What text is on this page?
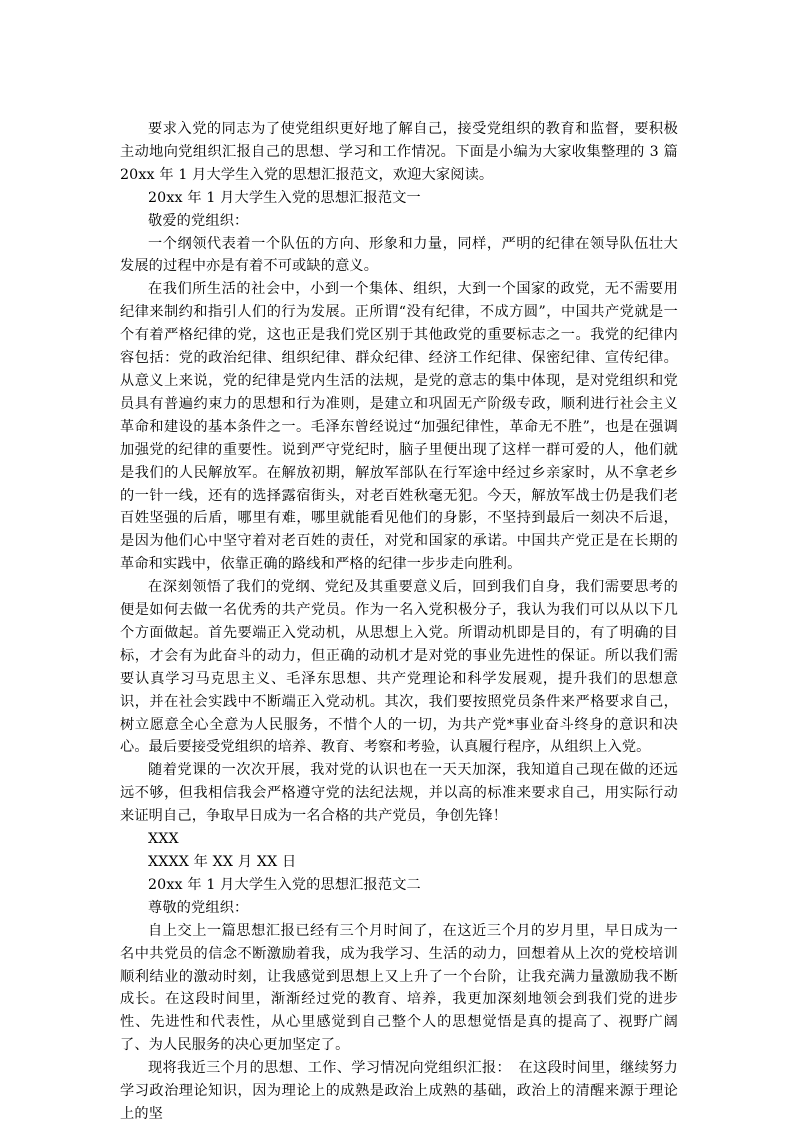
要求入党的同志为了使党组织更好地了解自己，接受党组织的教育和监督，要积极主动地向党组织汇报自己的思想、学习和工作情况。下面是小编为大家收集整理的 3 篇 20xx 年 1 月大学生入党的思想汇报范文，欢迎大家阅读。

20xx 年 1 月大学生入党的思想汇报范文一

敬爱的党组织：

一个纲领代表着一个队伍的方向、形象和力量，同样，严明的纪律在领导队伍壮大发展的过程中亦是有着不可或缺的意义。

在我们所生活的社会中，小到一个集体、组织，大到一个国家的政党，无不需要用纪律来制约和指引人们的行为发展。正所谓“没有纪律，不成方圆”，中国共产党就是一个有着严格纪律的党，这也正是我们党区别于其他政党的重要标志之一。我党的纪律内容包括：党的政治纪律、组织纪律、群众纪律、经济工作纪律、保密纪律、宣传纪律。从意义上来说，党的纪律是党内生活的法规，是党的意志的集中体现，是对党组织和党员具有普遍约束力的思想和行为准则，是建立和巩固无产阶级专政，顺利进行社会主义革命和建设的基本条件之一。毛泽东曾经说过“加强纪律性，革命无不胜”，也是在强调加强党的纪律的重要性。说到严守党纪时，脑子里便出现了这样一群可爱的人，他们就是我们的人民解放军。在解放初期，解放军部队在行军途中经过乡亲家时，从不拿老乡的一针一线，还有的选择露宿街头，对老百姓秋毫无犯。今天，解放军战士仍是我们老百姓坚强的后盾，哪里有难，哪里就能看见他们的身影，不坚持到最后一刻决不后退，是因为他们心中坚守着对老百姓的责任，对党和国家的承诺。中国共产党正是在长期的革命和实践中，依靠正确的路线和严格的纪律一步步走向胜利。

在深刻领悟了我们的党纲、党纪及其重要意义后，回到我们自身，我们需要思考的便是如何去做一名优秀的共产党员。作为一名入党积极分子，我认为我们可以从以下几个方面做起。首先要端正入党动机，从思想上入党。所谓动机即是目的，有了明确的目标，才会有为此奋斗的动力，但正确的动机才是对党的事业先进性的保证。所以我们需要认真学习马克思主义、毛泽东思想、共产党理论和科学发展观，提升我们的思想意识，并在社会实践中不断端正入党动机。其次，我们要按照党员条件来严格要求自己，树立愿意全心全意为人民服务，不惜个人的一切，为共产党*事业奋斗终身的意识和决心。最后要接受党组织的培养、教育、考察和考验，认真履行程序，从组织上入党。

随着党课的一次次开展，我对党的认识也在一天天加深，我知道自己现在做的还远远不够，但我相信我会严格遵守党的法纪法规，并以高的标准来要求自己，用实际行动来证明自己，争取早日成为一名合格的共产党员，争创先锋！

XXX

XXXX 年 XX 月 XX 日

20xx 年 1 月大学生入党的思想汇报范文二

尊敬的党组织：

自上交上一篇思想汇报已经有三个月时间了，在这近三个月的岁月里，早日成为一名中共党员的信念不断激励着我，成为我学习、生活的动力，回想着从上次的党校培训顺利结业的激动时刻，让我感觉到思想上又上升了一个台阶，让我充满力量激励我不断成长。在这段时间里，渐渐经过党的教育、培养，我更加深刻地领会到我们党的进步性、先进性和代表性，从心里感觉到自己整个人的思想觉悟是真的提高了、视野广阔了、为人民服务的决心更加坚定了。

现将我近三个月的思想、工作、学习情况向党组织汇报：　在这段时间里，继续努力学习政治理论知识，因为理论上的成熟是政治上成熟的基础，政治上的清醒来源于理论上的坚
